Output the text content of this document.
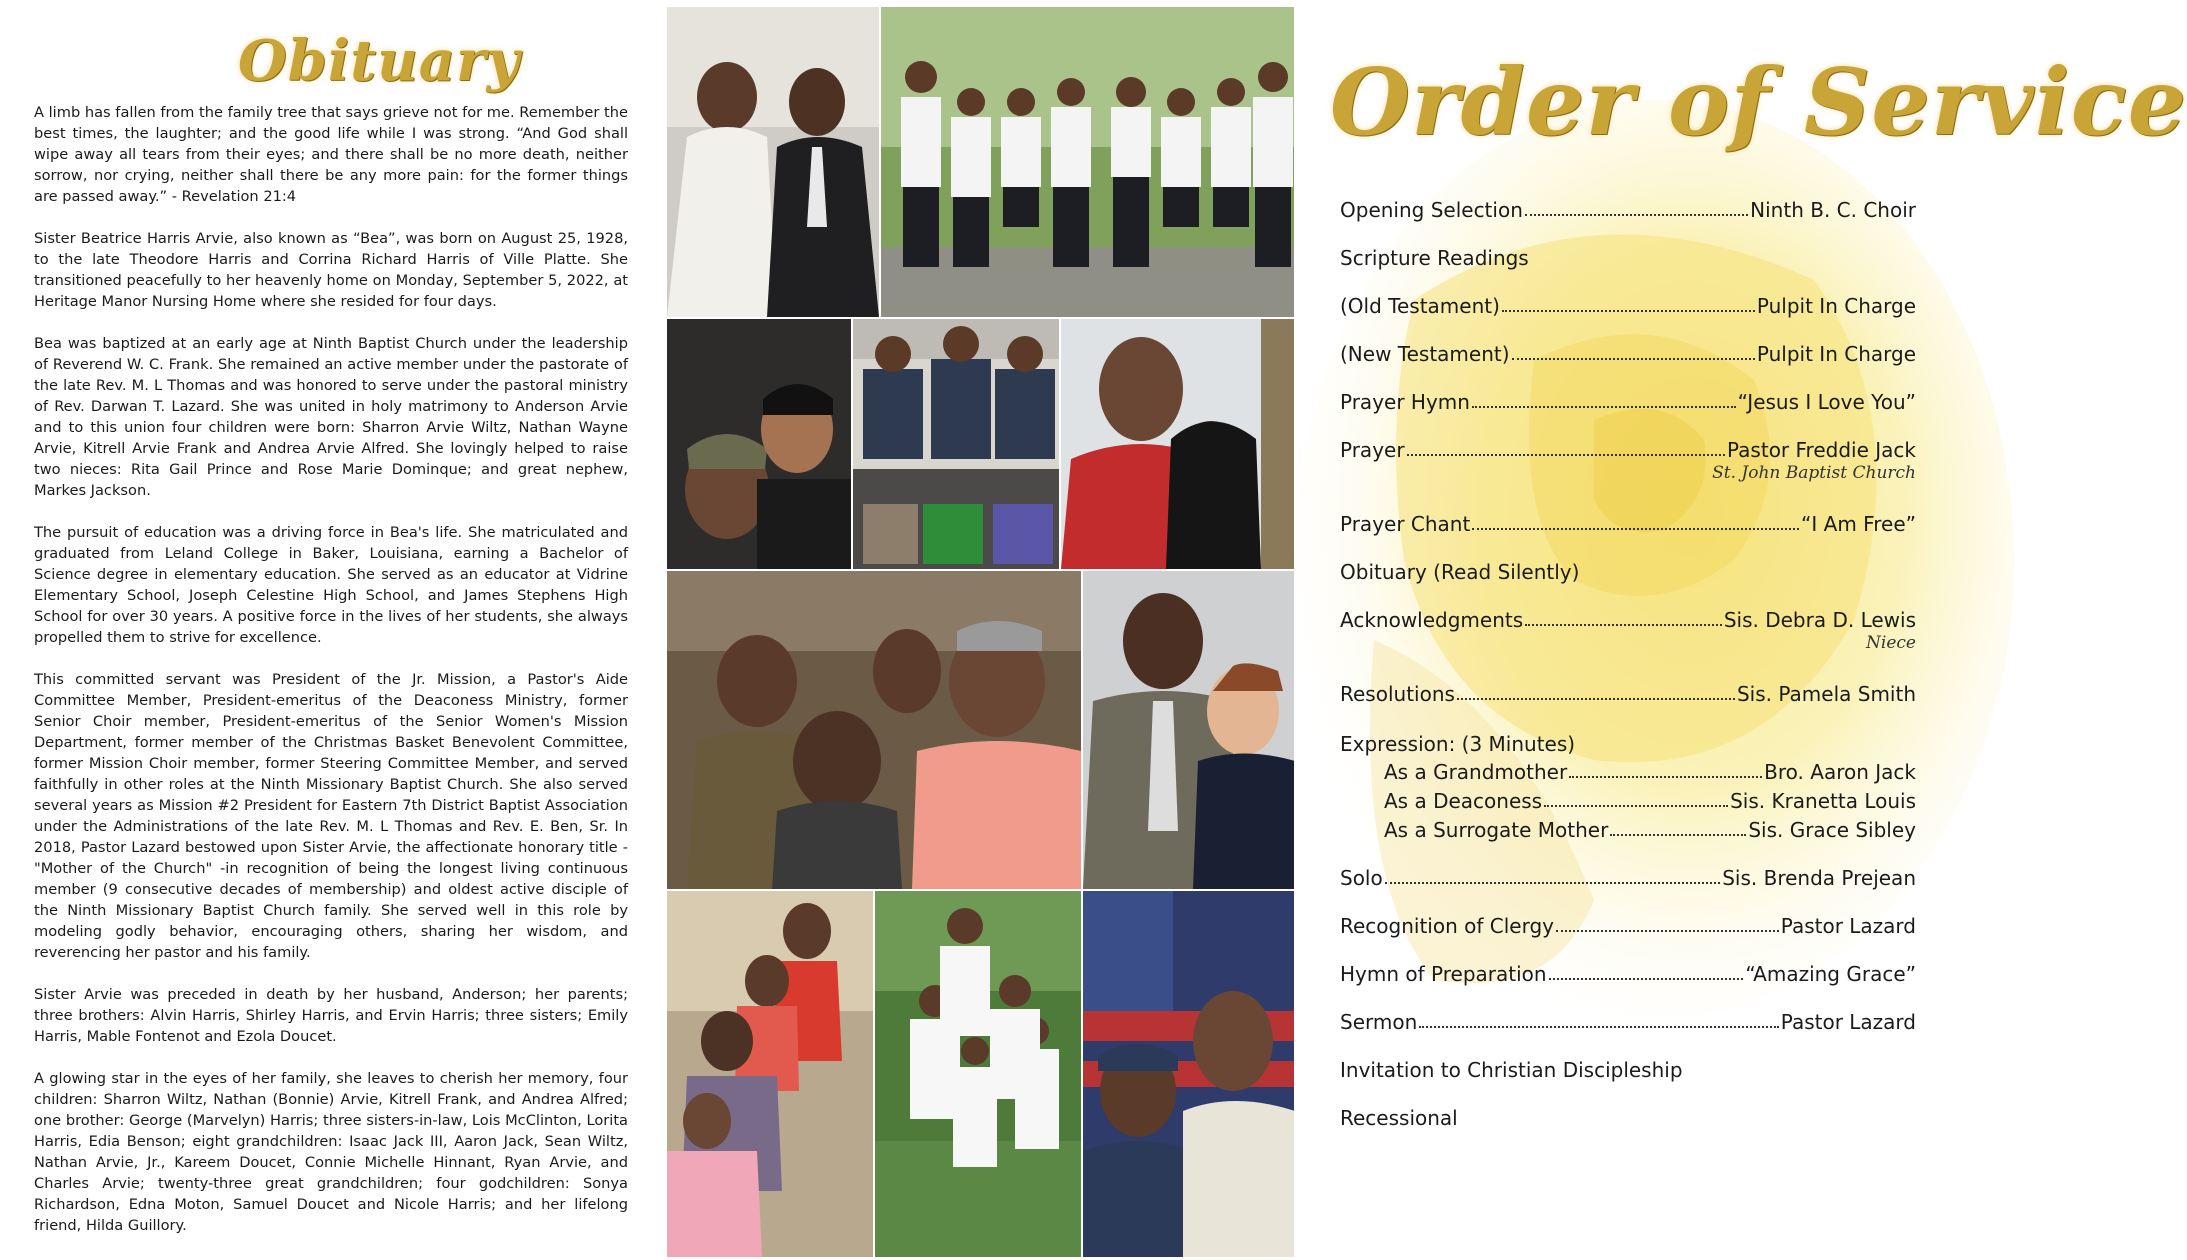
Obituary

A limb has fallen from the family tree that says grieve not for me. Remember the best times, the laughter; and the good life while I was strong. “And God shall wipe away all tears from their eyes; and there shall be no more death, neither sorrow, nor crying, neither shall there be any more pain: for the former things are passed away.” - Revelation 21:4

Sister Beatrice Harris Arvie, also known as “Bea”, was born on August 25, 1928, to the late Theodore Harris and Corrina Richard Harris of Ville Platte. She transitioned peacefully to her heavenly home on Monday, September 5, 2022, at Heritage Manor Nursing Home where she resided for four days.

Bea was baptized at an early age at Ninth Baptist Church under the leadership of Reverend W. C. Frank. She remained an active member under the pastorate of the late Rev. M. L Thomas and was honored to serve under the pastoral ministry of Rev. Darwan T. Lazard. She was united in holy matrimony to Anderson Arvie and to this union four children were born: Sharron Arvie Wiltz, Nathan Wayne Arvie, Kitrell Arvie Frank and Andrea Arvie Alfred. She lovingly helped to raise two nieces: Rita Gail Prince and Rose Marie Dominque; and great nephew, Markes Jackson.

The pursuit of education was a driving force in Bea's life. She matriculated and graduated from Leland College in Baker, Louisiana, earning a Bachelor of Science degree in elementary education. She served as an educator at Vidrine Elementary School, Joseph Celestine High School, and James Stephens High School for over 30 years. A positive force in the lives of her students, she always propelled them to strive for excellence.

This committed servant was President of the Jr. Mission, a Pastor's Aide Committee Member, President-emeritus of the Deaconess Ministry, former Senior Choir member, President-emeritus of the Senior Women's Mission Department, former member of the Christmas Basket Benevolent Committee, former Mission Choir member, former Steering Committee Member, and served faithfully in other roles at the Ninth Missionary Baptist Church. She also served several years as Mission #2 President for Eastern 7th District Baptist Association under the Administrations of the late Rev. M. L Thomas and Rev. E. Ben, Sr. In 2018, Pastor Lazard bestowed upon Sister Arvie, the affectionate honorary title - "Mother of the Church" -in recognition of being the longest living continuous member (9 consecutive decades of membership) and oldest active disciple of the Ninth Missionary Baptist Church family. She served well in this role by modeling godly behavior, encouraging others, sharing her wisdom, and reverencing her pastor and his family.

Sister Arvie was preceded in death by her husband, Anderson; her parents; three brothers: Alvin Harris, Shirley Harris, and Ervin Harris; three sisters; Emily Harris, Mable Fontenot and Ezola Doucet.

A glowing star in the eyes of her family, she leaves to cherish her memory, four children: Sharron Wiltz, Nathan (Bonnie) Arvie, Kitrell Frank, and Andrea Alfred; one brother: George (Marvelyn) Harris; three sisters-in-law, Lois McClinton, Lorita Harris, Edia Benson; eight grandchildren: Isaac Jack III, Aaron Jack, Sean Wiltz, Nathan Arvie, Jr., Kareem Doucet, Connie Michelle Hinnant, Ryan Arvie, and Charles Arvie; twenty-three great grandchildren; four godchildren: Sonya Richardson, Edna Moton, Samuel Doucet and Nicole Harris; and her lifelong friend, Hilda Guillory.

Order of Service
Opening Selection	Ninth B. C. Choir
Scripture Readings
(Old Testament)	Pulpit In Charge
(New Testament)	Pulpit In Charge
Prayer Hymn	“Jesus I Love You”
Prayer	Pastor Freddie Jack
St. John Baptist Church
Prayer Chant	“I Am Free”
Obituary (Read Silently)
Acknowledgments	Sis. Debra D. Lewis
Niece
Resolutions	Sis. Pamela Smith
Expression: (3 Minutes)
As a Grandmother	Bro. Aaron Jack
As a Deaconess	Sis. Kranetta Louis
As a Surrogate Mother	Sis. Grace Sibley
Solo	Sis. Brenda Prejean
Recognition of Clergy	Pastor Lazard
Hymn of Preparation	“Amazing Grace”
Sermon	Pastor Lazard
Invitation to Christian Discipleship
Recessional
